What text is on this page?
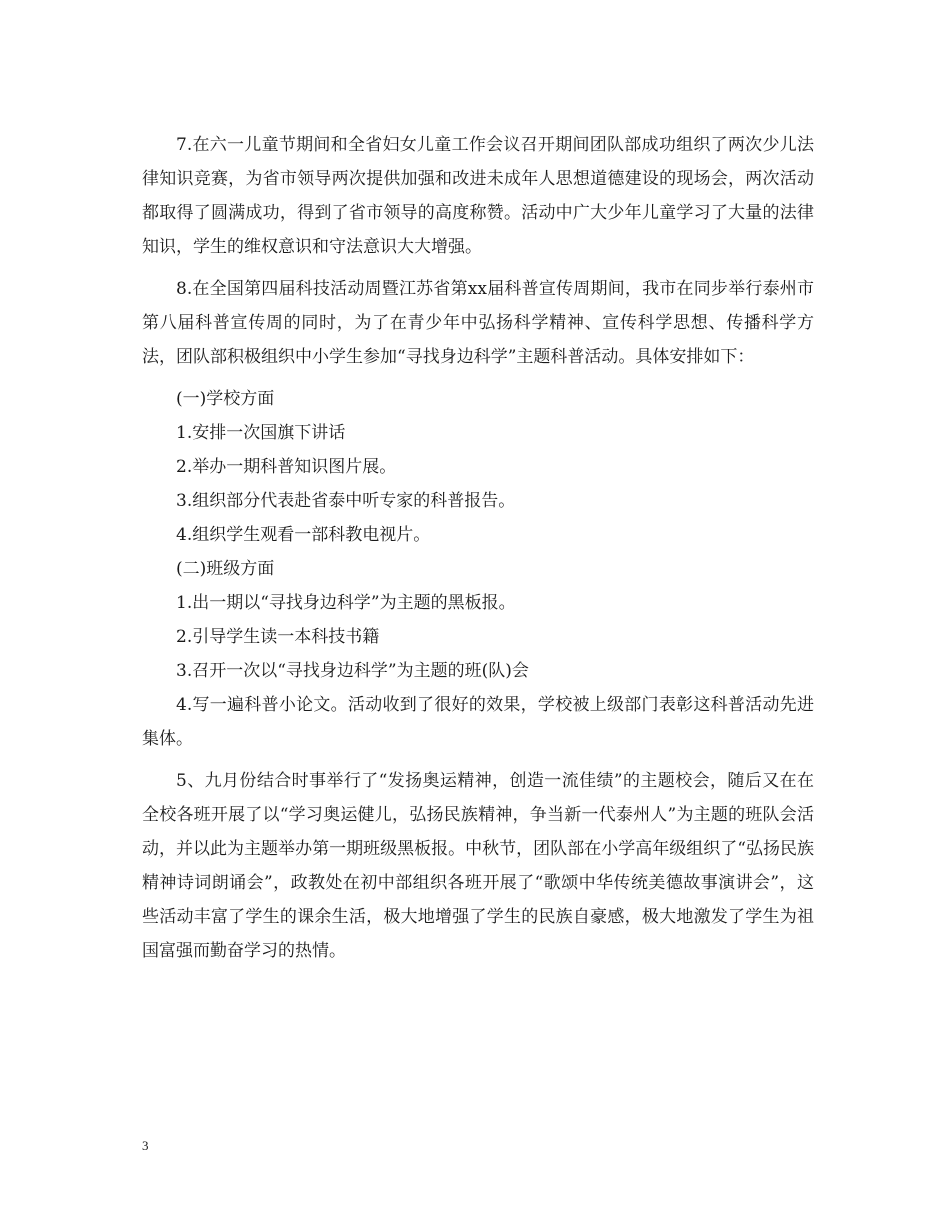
7.在六一儿童节期间和全省妇女儿童工作会议召开期间团队部成功组织了两次少儿法律知识竞赛，为省市领导两次提供加强和改进未成年人思想道德建设的现场会，两次活动都取得了圆满成功，得到了省市领导的高度称赞。活动中广大少年儿童学习了大量的法律知识，学生的维权意识和守法意识大大增强。

8.在全国第四届科技活动周暨江苏省第xx届科普宣传周期间，我市在同步举行泰州市第八届科普宣传周的同时，为了在青少年中弘扬科学精神、宣传科学思想、传播科学方法，团队部积极组织中小学生参加“寻找身边科学”主题科普活动。具体安排如下：

(一)学校方面

1.安排一次国旗下讲话

2.举办一期科普知识图片展。

3.组织部分代表赴省泰中听专家的科普报告。

4.组织学生观看一部科教电视片。

(二)班级方面

1.出一期以“寻找身边科学”为主题的黑板报。

2.引导学生读一本科技书籍

3.召开一次以“寻找身边科学”为主题的班(队)会

4.写一遍科普小论文。活动收到了很好的效果，学校被上级部门表彰这科普活动先进集体。

5、九月份结合时事举行了“发扬奥运精神，创造一流佳绩”的主题校会，随后又在在全校各班开展了以“学习奥运健儿，弘扬民族精神，争当新一代泰州人”为主题的班队会活动，并以此为主题举办第一期班级黑板报。中秋节，团队部在小学高年级组织了“弘扬民族精神诗词朗诵会”，政教处在初中部组织各班开展了“歌颂中华传统美德故事演讲会”，这些活动丰富了学生的课余生活，极大地增强了学生的民族自豪感，极大地激发了学生为祖国富强而勤奋学习的热情。

3
